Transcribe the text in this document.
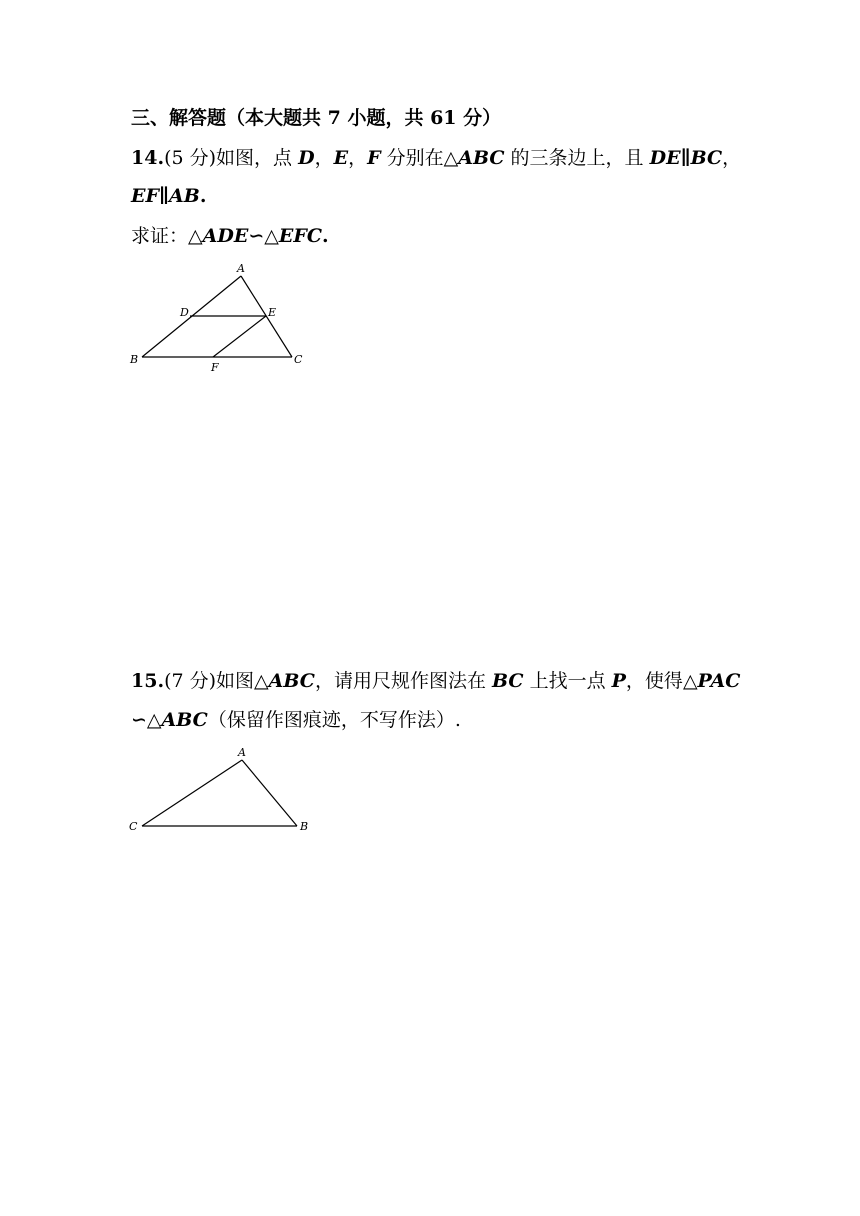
三、解答题（本大题共 7 小题，共 61 分）
14.(5 分)如图，点 D，E，F 分别在△ABC 的三条边上，且 DE∥BC，
EF∥AB.
求证：△ADE∽△EFC.
A
B	C
D	E
F
15.(7 分)如图△ABC，请用尺规作图法在 BC 上找一点 P，使得△PAC
∽△ABC（保留作图痕迹，不写作法）.
A
B
C
